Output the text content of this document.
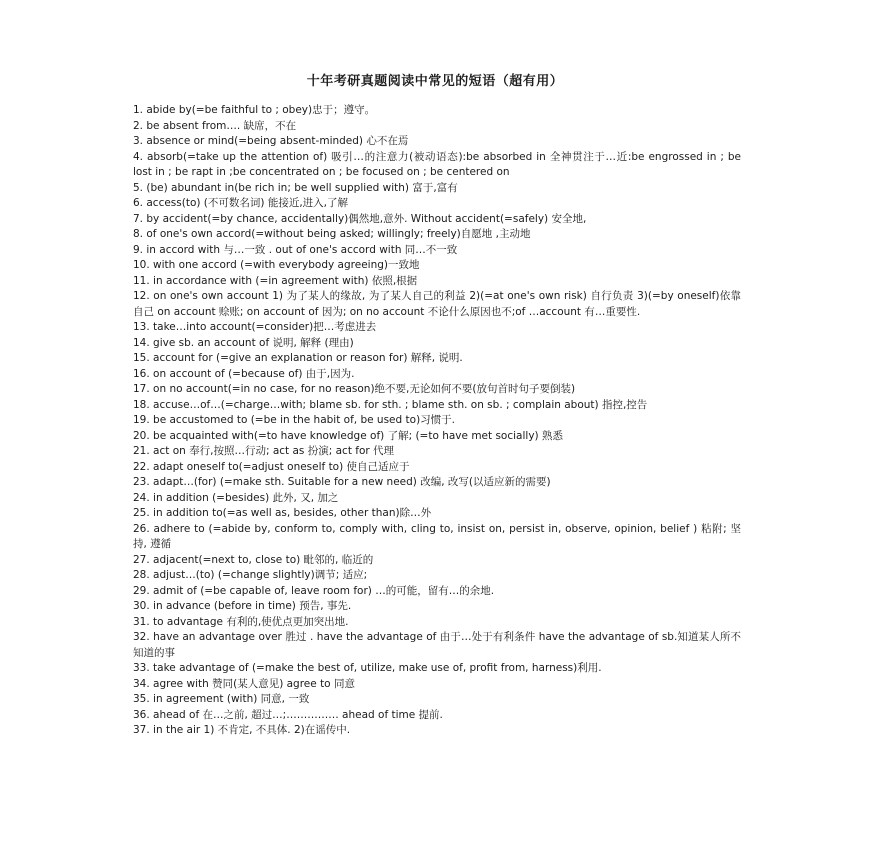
十年考研真题阅读中常见的短语（超有用）
1. abide by(=be faithful to ; obey)忠于；遵守。
2. be absent from…. 缺席，不在
3. absence or mind(=being absent-minded) 心不在焉
4. absorb(=take up the attention of) 吸引…的注意力(被动语态):be absorbed in 全神贯注于…近:be engrossed in ; be lost in ; be rapt in ;be concentrated on ; be focused on ; be centered on
5. (be) abundant in(be rich in; be well supplied with) 富于,富有
6. access(to) (不可数名词) 能接近,进入,了解
7. by accident(=by chance, accidentally)偶然地,意外. Without accident(=safely) 安全地,
8. of one's own accord(=without being asked; willingly; freely)自愿地 ,主动地
9. in accord with 与…一致 . out of one's accord with 同…不一致
10. with one accord (=with everybody agreeing)一致地
11. in accordance with (=in agreement with) 依照,根据
12. on one's own account 1) 为了某人的缘故, 为了某人自己的利益 2)(=at one's own risk) 自行负责 3)(=by oneself)依靠自己 on account 赊账; on account of 因为; on no account 不论什么原因也不;of …account 有…重要性.
13. take…into account(=consider)把…考虑进去
14. give sb. an account of 说明, 解释 (理由)
15. account for (=give an explanation or reason for) 解释, 说明.
16. on account of (=because of) 由于,因为.
17. on no account(=in no case, for no reason)绝不要,无论如何不要(放句首时句子要倒装)
18. accuse…of…(=charge…with; blame sb. for sth. ; blame sth. on sb. ; complain about) 指控,控告
19. be accustomed to (=be in the habit of, be used to)习惯于.
20. be acquainted with(=to have knowledge of) 了解; (=to have met socially) 熟悉
21. act on 奉行,按照…行动; act as 扮演; act for 代理
22. adapt oneself to(=adjust oneself to) 使自己适应于
23. adapt…(for) (=make sth. Suitable for a new need) 改编, 改写(以适应新的需要)
24. in addition (=besides) 此外, 又, 加之
25. in addition to(=as well as, besides, other than)除…外
26. adhere to (=abide by, conform to, comply with, cling to, insist on, persist in, observe, opinion, belief ) 粘附; 坚持, 遵循
27. adjacent(=next to, close to) 毗邻的, 临近的
28. adjust…(to) (=change slightly)调节; 适应;
29. admit of (=be capable of, leave room for) …的可能，留有…的余地.
30. in advance (before in time) 预告, 事先.
31. to advantage 有利的,使优点更加突出地.
32. have an advantage over 胜过 . have the advantage of 由于…处于有利条件 have the advantage of sb.知道某人所不知道的事
33. take advantage of (=make the best of, utilize, make use of, profit from, harness)利用.
34. agree with 赞同(某人意见) agree to 同意
35. in agreement (with) 同意, 一致
36. ahead of 在…之前, 超过…;…………… ahead of time 提前.
37. in the air 1) 不肯定, 不具体. 2)在谣传中.
